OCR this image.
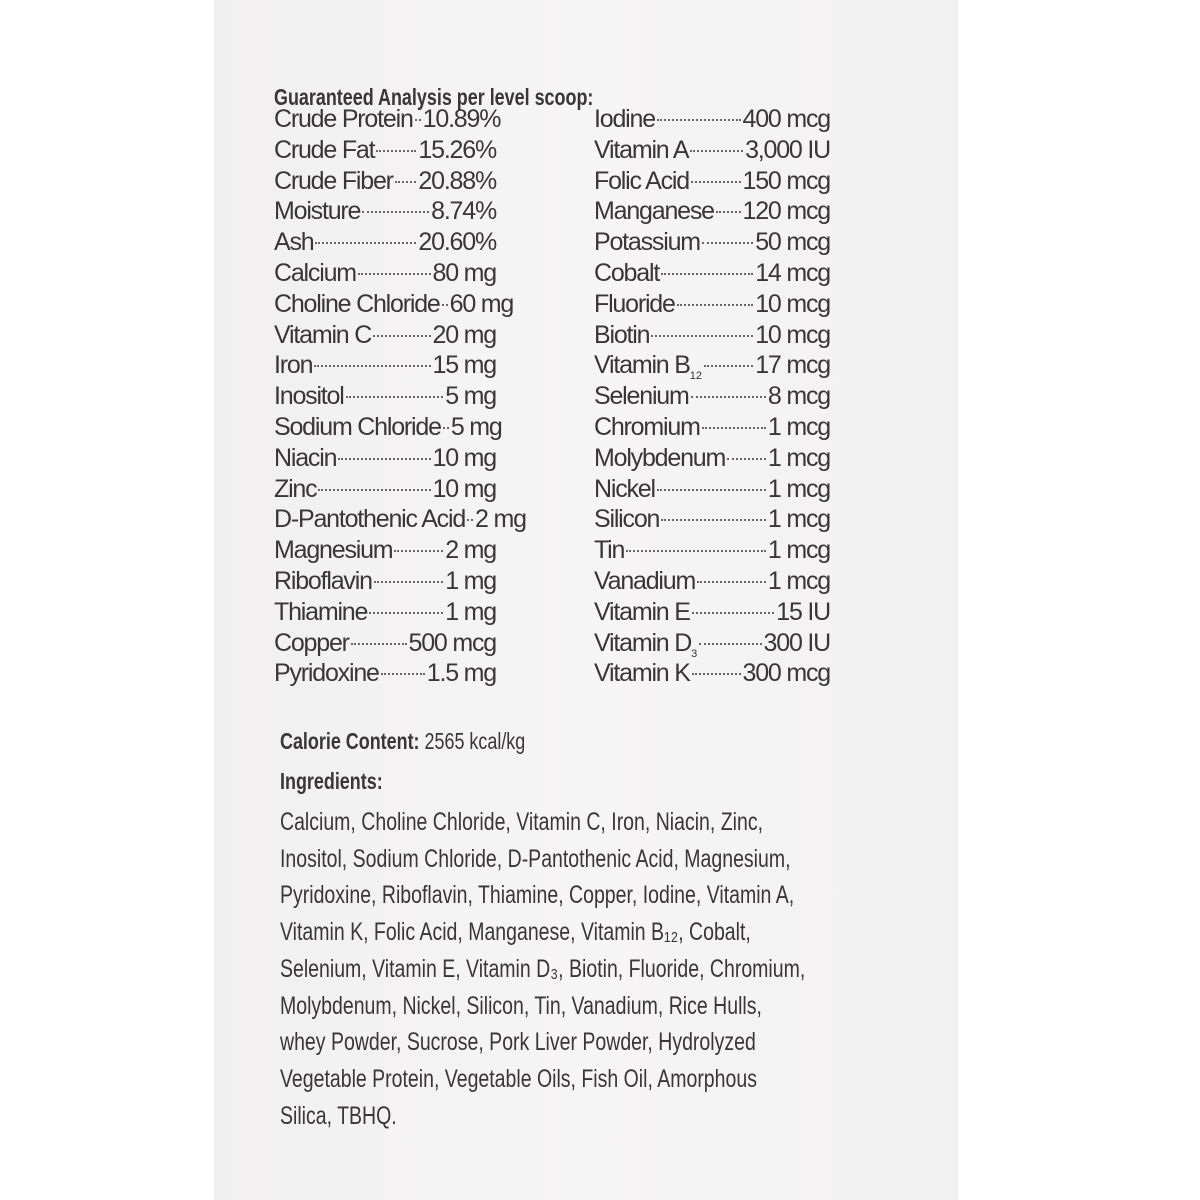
Guaranteed Analysis per level scoop:
Crude Protein 10.89%
Crude Fat 15.26%
Crude Fiber 20.88%
Moisture	8.74%
Ash	20.60%
Calcium	80 mg
Choline Chloride 60 mg
Vitamin C 20 mg
Iron	15 mg
Inositol	5 mg
Sodium Chloride 5 mg
Niacin	10 mg
Zinc	10 mg
D-Pantothenic Acid 2 mg
Magnesium 2 mg
Riboflavin	1 mg
Thiamine	1 mg
Copper 500 mcg
Pyridoxine 1.5 mg
Iodine	400 mcg
Vitamin A 3,000 IU
Folic Acid 150 mcg
Manganese 120 mcg
Potassium 50 mcg
Cobalt	14 mcg
Fluoride	10 mcg
Biotin	10 mcg
Vitamin $B_{12}$ 17 mcg
Selenium	8 mcg
Chromium	1 mcg
Molybdenum 1 mcg
Nickel	1 mcg
Silicon	1 mcg
Tin	1 mcg
Vanadium	1 mcg
Vitamin E	15 IU
Vitamin $D_3$	300 IU
Vitamin K 300 mcg
Calorie Content: 2565 kcal/kg
Ingredients:
Calcium, Choline Chloride, Vitamin C, Iron, Niacin, Zinc,
Inositol, Sodium Chloride, D-Pantothenic Acid, Magnesium,
Pyridoxine, Riboflavin, Thiamine, Copper, Iodine, Vitamin A,
Vitamin K, Folic Acid, Manganese, Vitamin B₁₂, Cobalt,
Selenium, Vitamin E, Vitamin D₃, Biotin, Fluoride, Chromium,
Molybdenum, Nickel, Silicon, Tin, Vanadium, Rice Hulls,
whey Powder, Sucrose, Pork Liver Powder, Hydrolyzed
Vegetable Protein, Vegetable Oils, Fish Oil, Amorphous
Silica, TBHQ.
